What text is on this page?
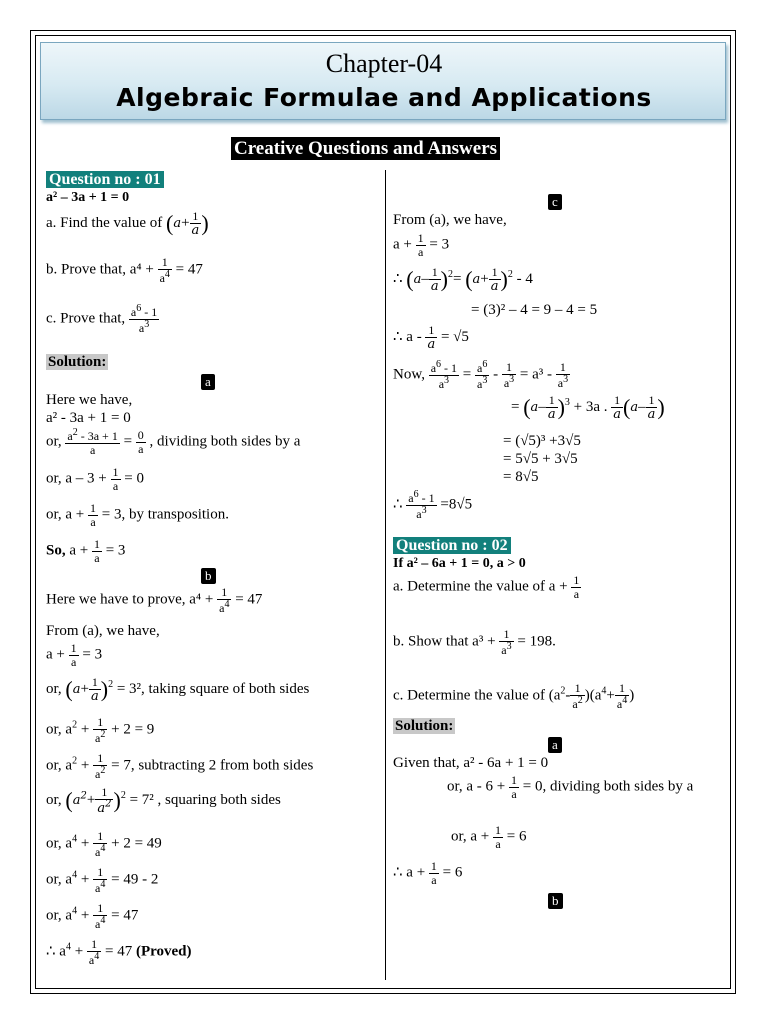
Chapter-04
Algebraic Formulae and Applications
Creative Questions and Answers
Question no : 01
a² – 3a + 1 = 0
a. Find the value of ($a+ \frac{1}{a}$ )
b. Prove that, $a^4 + \frac{1}{a^4} = 47$
c. Prove that, $\frac{a^6 - 1}{a^3}$
Solution:
a
Here we have,
a² - 3a + 1 = 0
or, $\frac{a^2 - 3a + 1}{a} = \frac{0}{a}$ , dividing both sides by a
or, $a - 3 + \frac{1}{a} = 0$
or, $a + \frac{1}{a} = 3$, by transposition.
So, $a + \frac{1}{a} = 3$
b
Here we have to prove, $a^4 + \frac{1}{a^4} = 47$
From (a), we have,
$a + \frac{1}{a} = 3$
or, $(a+ \frac{1}{a} )^2 = 3^2$, taking square of both sides
or, $a^2 + \frac{1}{a^2} + 2 = 9$
or, $a^2 + \frac{1}{a^2} = 7$, subtracting 2 from both sides
or, $(a^2+ \frac{1}{a^2} )^2 = 7^2$ , squaring both sides
or, $a^4 + \frac{1}{a^4} + 2 = 49$
or, $a^4 + \frac{1}{a^4} = 49 - 2$
or, $a^4 + \frac{1}{a^4} = 47$
∴ $a^4 + \frac{1}{a^4} = 47$ (Proved)
c
From (a), we have,
$a + \frac{1}{a} = 3$
∴ $(a- \frac{1}{a} )^2= (a+ \frac{1}{a} )^2 - 4$
= (3)² – 4 = 9 – 4 = 5
∴ $a - \frac{1}{a} = √5$
Now, $\frac{a^6 - 1}{a^3} = \frac{a^6}{a^3} - \frac{1}{a^3} = a^3 - \frac{1}{a^3}$
= $(a- \frac{1}{a} )^3 + 3a$ . $\frac{1}{a} (a- \frac{1}{a}$ )
= (√5)³ +3√5
= 5√5 + 3√5
= 8√5
∴ $\frac{a^6 - 1}{a^3} =8√5$
Question no : 02
If a² – 6a + 1 = 0, a > 0
a. Determine the value of $a + \frac{1}{a}$
b. Show that $a^3 + \frac{1}{a^3} = 198$.
c. Determine the value of $(a^2- \frac{1}{a^2} )(a^4+ \frac{1}{a^4}$ )
Solution:
a
Given that, a² - 6a + 1 = 0
or, $a - 6 + \frac{1}{a} = 0$, dividing both sides by a
or, $a + \frac{1}{a} = 6$
∴ $a + \frac{1}{a} = 6$
b
